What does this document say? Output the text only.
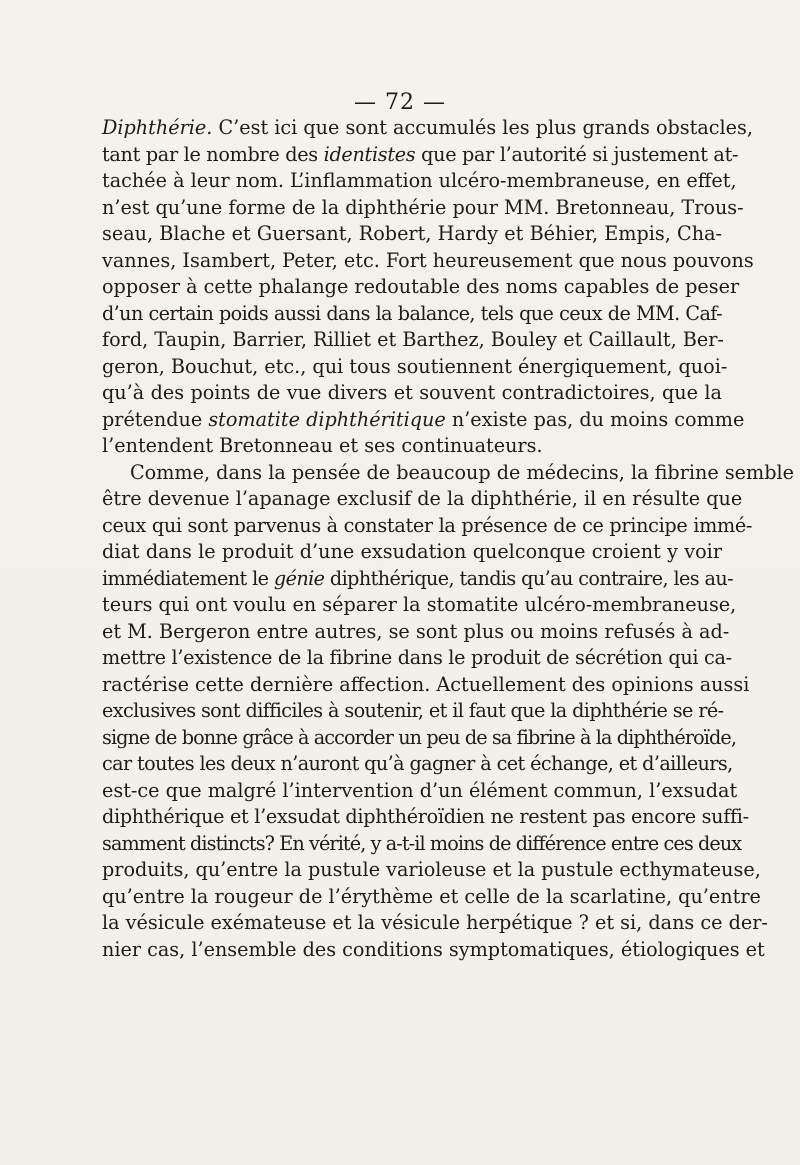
— 72 —
Diphthérie. C’est ici que sont accumulés les plus grands obstacles,
tant par le nombre des identistes que par l’autorité si justement at-
tachée à leur nom. L’inflammation ulcéro-membraneuse, en effet,
n’est qu’une forme de la diphthérie pour MM. Bretonneau, Trous-
seau, Blache et Guersant, Robert, Hardy et Béhier, Empis, Cha-
vannes, Isambert, Peter, etc. Fort heureusement que nous pouvons
opposer à cette phalange redoutable des noms capables de peser
d’un certain poids aussi dans la balance, tels que ceux de MM. Caf-
ford, Taupin, Barrier, Rilliet et Barthez, Bouley et Caillault, Ber-
geron, Bouchut, etc., qui tous soutiennent énergiquement, quoi-
qu’à des points de vue divers et souvent contradictoires, que la
prétendue stomatite diphthéritique n’existe pas, du moins comme
l’entendent Bretonneau et ses continuateurs.
Comme, dans la pensée de beaucoup de médecins, la fibrine semble
être devenue l’apanage exclusif de la diphthérie, il en résulte que
ceux qui sont parvenus à constater la présence de ce principe immé-
diat dans le produit d’une exsudation quelconque croient y voir
immédiatement le génie diphthérique, tandis qu’au contraire, les au-
teurs qui ont voulu en séparer la stomatite ulcéro-membraneuse,
et M. Bergeron entre autres, se sont plus ou moins refusés à ad-
mettre l’existence de la fibrine dans le produit de sécrétion qui ca-
ractérise cette dernière affection. Actuellement des opinions aussi
exclusives sont difficiles à soutenir, et il faut que la diphthérie se ré-
signe de bonne grâce à accorder un peu de sa fibrine à la diphthéroïde,
car toutes les deux n’auront qu’à gagner à cet échange, et d’ailleurs,
est-ce que malgré l’intervention d’un élément commun, l’exsudat
diphthérique et l’exsudat diphthéroïdien ne restent pas encore suffi-
samment distincts? En vérité, y a-t-il moins de différence entre ces deux
produits, qu’entre la pustule varioleuse et la pustule ecthymateuse,
qu’entre la rougeur de l’érythème et celle de la scarlatine, qu’entre
la vésicule exémateuse et la vésicule herpétique ? et si, dans ce der-
nier cas, l’ensemble des conditions symptomatiques, étiologiques et
